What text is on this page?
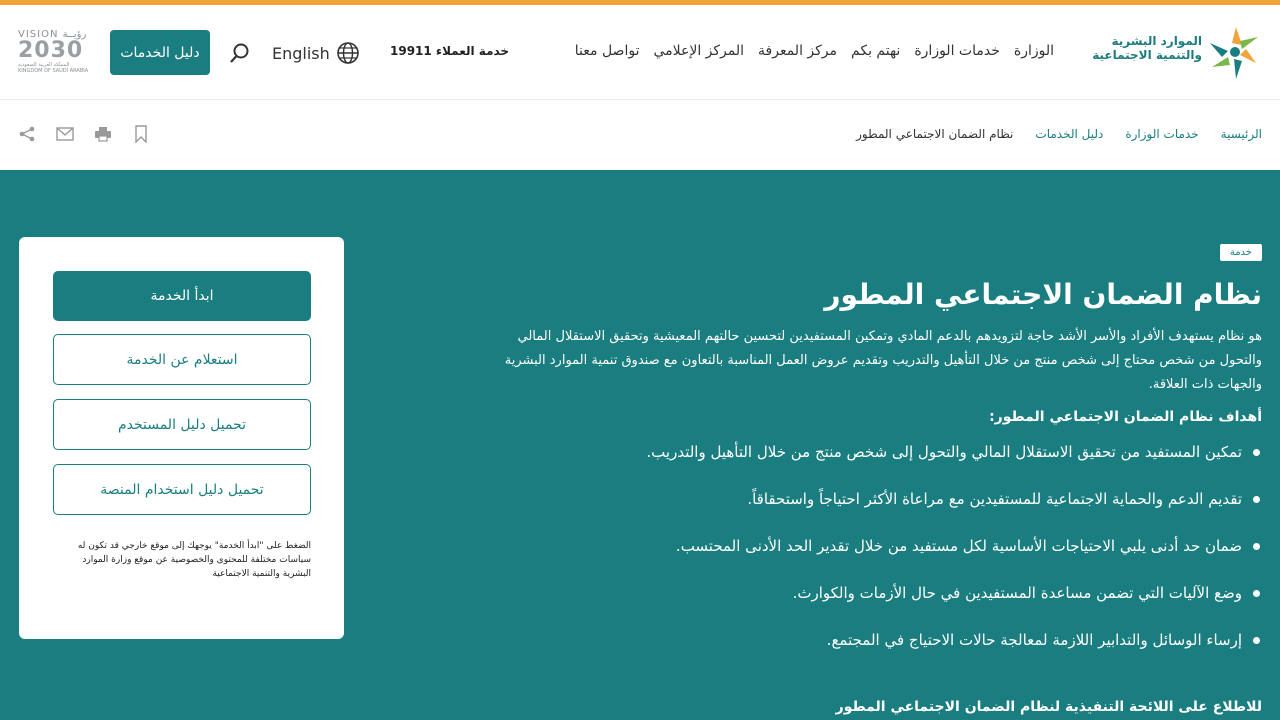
الموارد البشرية
والتنمية الاجتماعية
الوزارة
خدمات الوزارة
نهتم بكم
مركز المعرفة
المركز الإعلامي
تواصل معنا
خدمة العملاء 19911
English
دليل الخدمات
VISION رؤيــة
2030
المملكة العربية السعودية
KINGDOM OF SAUDI ARABIA
الرئيسية
خدمات الوزارة
دليل الخدمات
نظام الضمان الاجتماعي المطور
خدمة
نظام الضمان الاجتماعي المطور

هو نظام يستهدف الأفراد والأسر الأشد حاجة لتزويدهم بالدعم المادي وتمكين المستفيدين لتحسين حالتهم المعيشية وتحقيق الاستقلال المالي والتحول من شخص محتاج إلى شخص منتج من خلال التأهيل والتدريب وتقديم عروض العمل المناسبة بالتعاون مع صندوق تنمية الموارد البشرية والجهات ذات العلاقة.

أهداف نظام الضمان الاجتماعي المطور:
تمكين المستفيد من تحقيق الاستقلال المالي والتحول إلى شخص منتج من خلال التأهيل والتدريب.
تقديم الدعم والحماية الاجتماعية للمستفيدين مع مراعاة الأكثر احتياجاً واستحقاقاً.
ضمان حد أدنى يلبي الاحتياجات الأساسية لكل مستفيد من خلال تقدير الحد الأدنى المحتسب.
وضع الآليات التي تضمن مساعدة المستفيدين في حال الأزمات والكوارث.
إرساء الوسائل والتدابير اللازمة لمعالجة حالات الاحتياج في المجتمع.
للاطلاع على اللائحة التنفيذية لنظام الضمان الاجتماعي المطور
ابدأ الخدمة
استعلام عن الخدمة
تحميل دليل المستخدم
تحميل دليل استخدام المنصة

الضغط على "ابدأ الخدمة" يوجهك إلى موقع خارجي قد تكون له سياسات مختلفة للمحتوى والخصوصية عن موقع وزارة الموارد البشرية والتنمية الاجتماعية
